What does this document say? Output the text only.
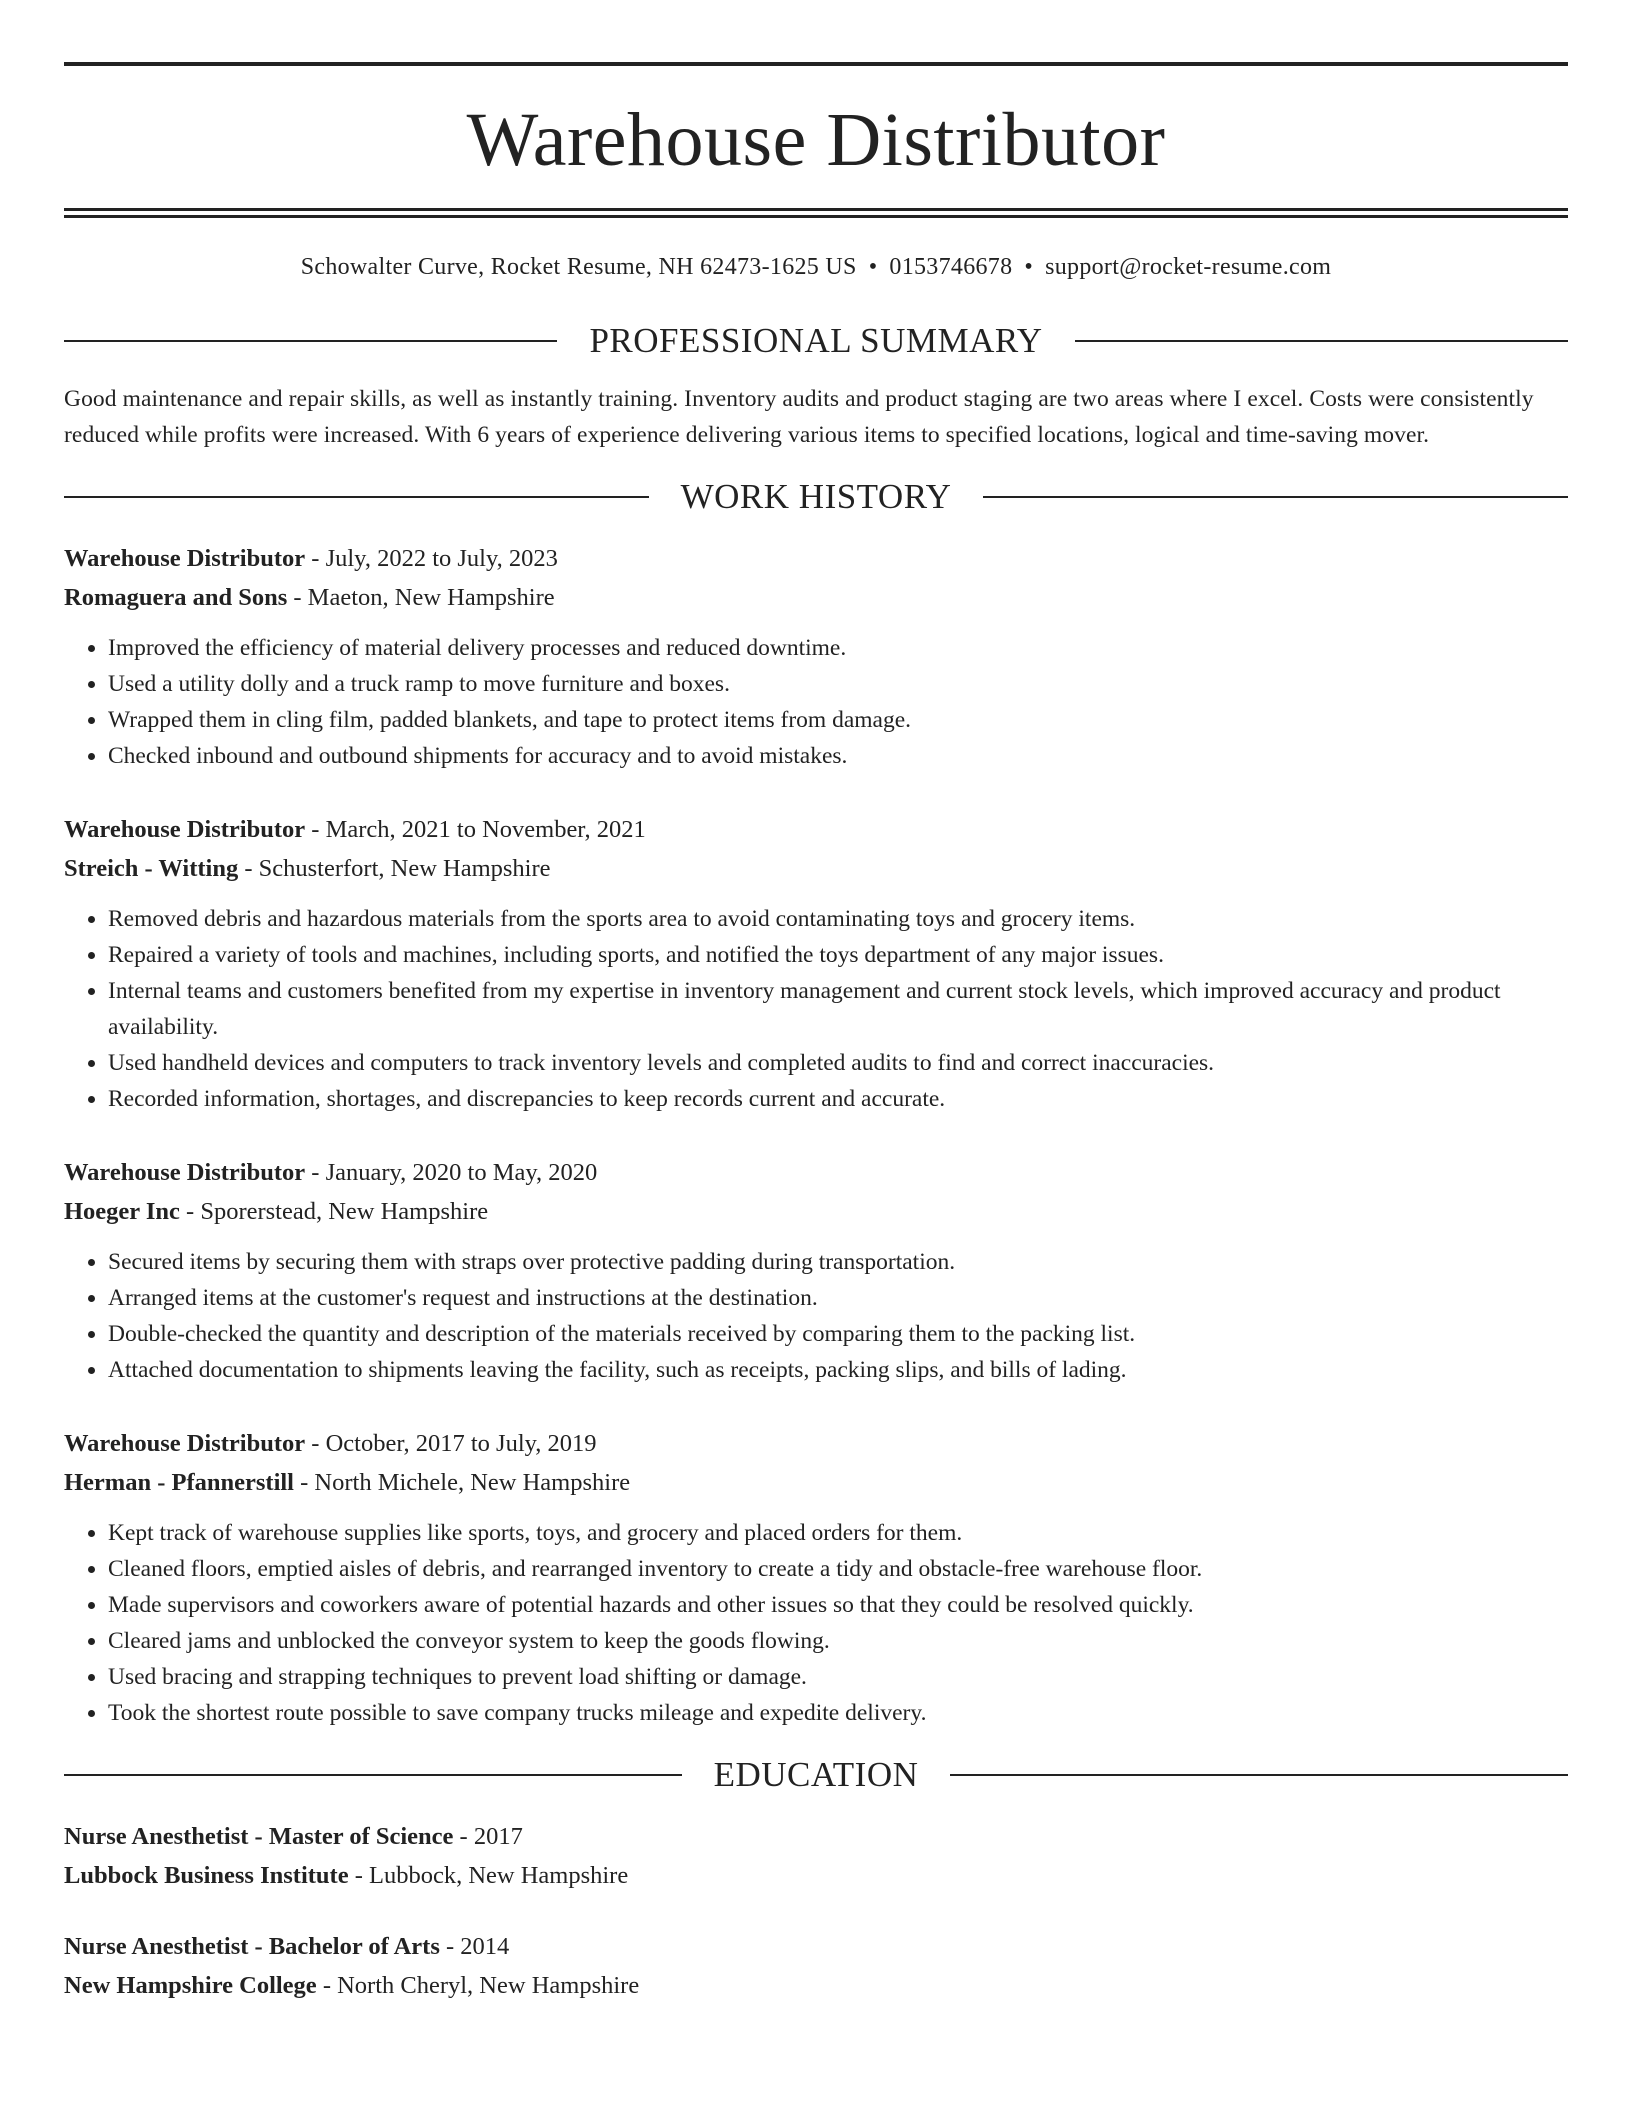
Warehouse Distributor
Schowalter Curve, Rocket Resume, NH 62473-1625 US • 0153746678 • support@rocket-resume.com
PROFESSIONAL SUMMARY

Good maintenance and repair skills, as well as instantly training. Inventory audits and product staging are two areas where I excel. Costs were consistently reduced while profits were increased. With 6 years of experience delivering various items to specified locations, logical and time-saving mover.

WORK HISTORY
Warehouse Distributor - July, 2022 to July, 2023
Romaguera and Sons - Maeton, New Hampshire
• Improved the efficiency of material delivery processes and reduced downtime.
• Used a utility dolly and a truck ramp to move furniture and boxes.
• Wrapped them in cling film, padded blankets, and tape to protect items from damage.
• Checked inbound and outbound shipments for accuracy and to avoid mistakes.
Warehouse Distributor - March, 2021 to November, 2021
Streich - Witting - Schusterfort, New Hampshire
• Removed debris and hazardous materials from the sports area to avoid contaminating toys and grocery items.
• Repaired a variety of tools and machines, including sports, and notified the toys department of any major issues.
• Internal teams and customers benefited from my expertise in inventory management and current stock levels, which improved accuracy and product availability.
• Used handheld devices and computers to track inventory levels and completed audits to find and correct inaccuracies.
• Recorded information, shortages, and discrepancies to keep records current and accurate.
Warehouse Distributor - January, 2020 to May, 2020
Hoeger Inc - Sporerstead, New Hampshire
• Secured items by securing them with straps over protective padding during transportation.
• Arranged items at the customer's request and instructions at the destination.
• Double-checked the quantity and description of the materials received by comparing them to the packing list.
• Attached documentation to shipments leaving the facility, such as receipts, packing slips, and bills of lading.
Warehouse Distributor - October, 2017 to July, 2019
Herman - Pfannerstill - North Michele, New Hampshire
• Kept track of warehouse supplies like sports, toys, and grocery and placed orders for them.
• Cleaned floors, emptied aisles of debris, and rearranged inventory to create a tidy and obstacle-free warehouse floor.
• Made supervisors and coworkers aware of potential hazards and other issues so that they could be resolved quickly.
• Cleared jams and unblocked the conveyor system to keep the goods flowing.
• Used bracing and strapping techniques to prevent load shifting or damage.
• Took the shortest route possible to save company trucks mileage and expedite delivery.
EDUCATION
Nurse Anesthetist - Master of Science - 2017
Lubbock Business Institute - Lubbock, New Hampshire
Nurse Anesthetist - Bachelor of Arts - 2014
New Hampshire College - North Cheryl, New Hampshire
